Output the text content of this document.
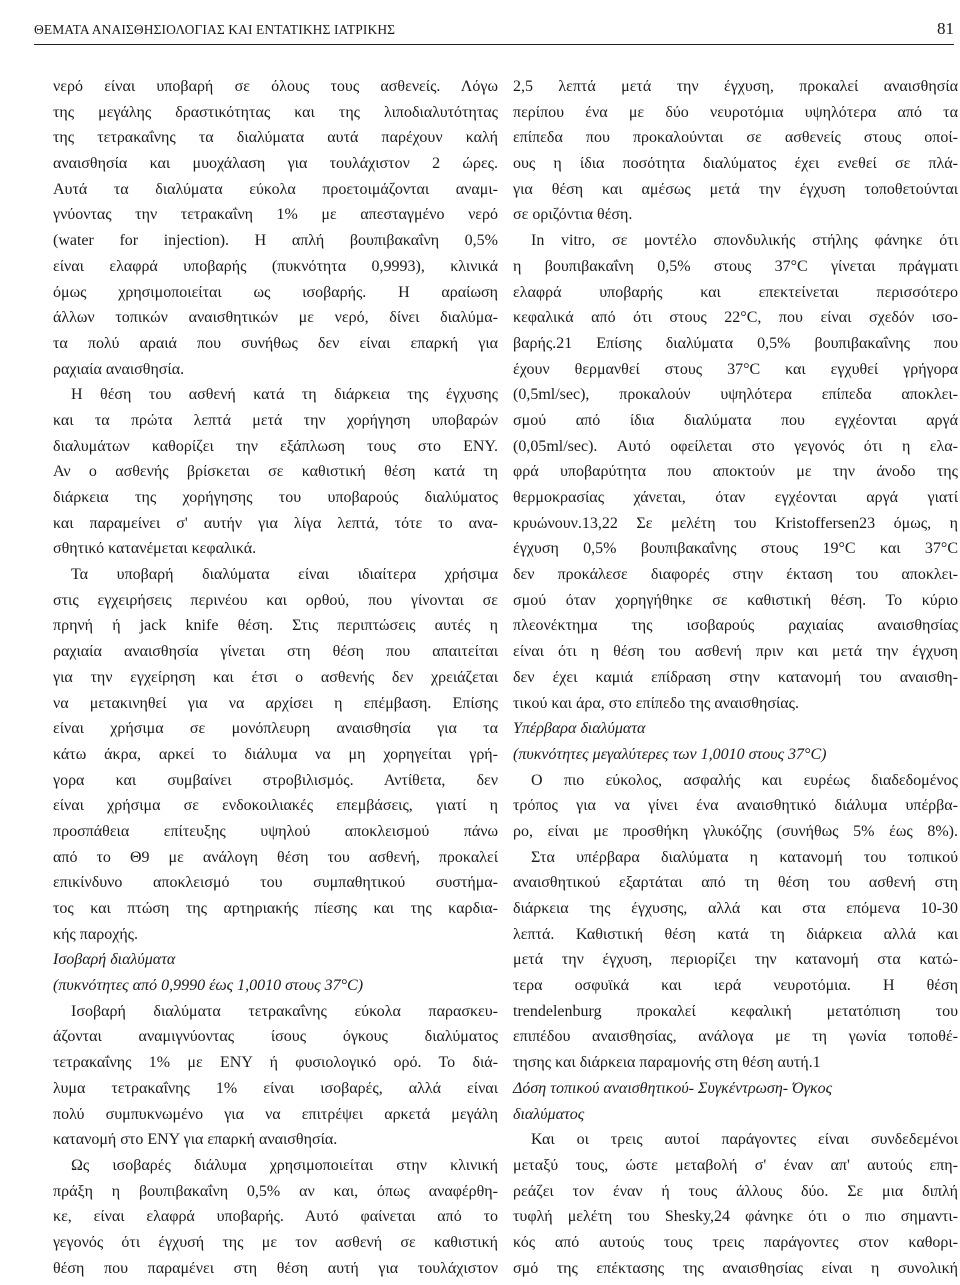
ΘΕΜΑΤΑ ΑΝΑΙΣΘΗΣΙΟΛΟΓΙΑΣ ΚΑΙ ΕΝΤΑΤΙΚΗΣ ΙΑΤΡΙΚΗΣ	81
νερό είναι υποβαρή σε όλους τους ασθενείς. Λόγω
της μεγάλης δραστικότητας και της λιποδιαλυτότητας
της τετρακαΐνης τα διαλύματα αυτά παρέχουν καλή
αναισθησία και μυοχάλαση για τουλάχιστον 2 ώρες.
Αυτά τα διαλύματα εύκολα προετοιμάζονται αναμι-
γνύοντας την τετρακαΐνη 1% με απεσταγμένο νερό
(water for injection). Η απλή βουπιβακαΐνη 0,5%
είναι ελαφρά υποβαρής (πυκνότητα 0,9993), κλινικά
όμως χρησιμοποιείται ως ισοβαρής. Η αραίωση
άλλων τοπικών αναισθητικών με νερό, δίνει διαλύμα-
τα πολύ αραιά που συνήθως δεν είναι επαρκή για
ραχιαία αναισθησία.
Η θέση του ασθενή κατά τη διάρκεια της έγχυσης
και τα πρώτα λεπτά μετά την χορήγηση υποβαρών
διαλυμάτων καθορίζει την εξάπλωση τους στο ΕΝΥ.
Αν ο ασθενής βρίσκεται σε καθιστική θέση κατά τη
διάρκεια της χορήγησης του υποβαρούς διαλύματος
και παραμείνει σ' αυτήν για λίγα λεπτά, τότε το ανα-
σθητικό κατανέμεται κεφαλικά.
Τα υποβαρή διαλύματα είναι ιδιαίτερα χρήσιμα
στις εγχειρήσεις περινέου και ορθού, που γίνονται σε
πρηνή ή jack knife θέση. Στις περιπτώσεις αυτές η
ραχιαία αναισθησία γίνεται στη θέση που απαιτείται
για την εγχείρηση και έτσι ο ασθενής δεν χρειάζεται
να μετακινηθεί για να αρχίσει η επέμβαση. Επίσης
είναι χρήσιμα σε μονόπλευρη αναισθησία για τα
κάτω άκρα, αρκεί το διάλυμα να μη χορηγείται γρή-
γορα και συμβαίνει στροβιλισμός. Αντίθετα, δεν
είναι χρήσιμα σε ενδοκοιλιακές επεμβάσεις, γιατί η
προσπάθεια επίτευξης υψηλού αποκλεισμού πάνω
από το Θ9 με ανάλογη θέση του ασθενή, προκαλεί
επικίνδυνο αποκλεισμό του συμπαθητικού συστήμα-
τος και πτώση της αρτηριακής πίεσης και της καρδια-
κής παροχής.
Ισοβαρή διαλύματα
(πυκνότητες από 0,9990 έως 1,0010 στους 37°C)
Ισοβαρή διαλύματα τετρακαΐνης εύκολα παρασκευ-
άζονται αναμιγνύοντας ίσους όγκους διαλύματος
τετρακαΐνης 1% με ΕΝΥ ή φυσιολογικό ορό. Το διά-
λυμα τετρακαΐνης 1% είναι ισοβαρές, αλλά είναι
πολύ συμπυκνωμένο για να επιτρέψει αρκετά μεγάλη
κατανομή στο ΕΝΥ για επαρκή αναισθησία.
Ως ισοβαρές διάλυμα χρησιμοποιείται στην κλινική
πράξη η βουπιβακαΐνη 0,5% αν και, όπως αναφέρθη-
κε, είναι ελαφρά υποβαρής. Αυτό φαίνεται από το
γεγονός ότι έγχυσή της με τον ασθενή σε καθιστική
θέση που παραμένει στη θέση αυτή για τουλάχιστον
2,5 λεπτά μετά την έγχυση, προκαλεί αναισθησία
περίπου ένα με δύο νευροτόμια υψηλότερα από τα
επίπεδα που προκαλούνται σε ασθενείς στους οποί-
ους η ίδια ποσότητα διαλύματος έχει ενεθεί σε πλά-
για θέση και αμέσως μετά την έγχυση τοποθετούνται
σε οριζόντια θέση.
In vitro, σε μοντέλο σπονδυλικής στήλης φάνηκε ότι
η βουπιβακαΐνη 0,5% στους 37°C γίνεται πράγματι
ελαφρά υποβαρής και επεκτείνεται περισσότερο
κεφαλικά από ότι στους 22°C, που είναι σχεδόν ισο-
βαρής.21 Επίσης διαλύματα 0,5% βουπιβακαΐνης που
έχουν θερμανθεί στους 37°C και εγχυθεί γρήγορα
(0,5ml/sec), προκαλούν υψηλότερα επίπεδα αποκλει-
σμού από ίδια διαλύματα που εγχέονται αργά
(0,05ml/sec). Αυτό οφείλεται στο γεγονός ότι η ελα-
φρά υποβαρύτητα που αποκτούν με την άνοδο της
θερμοκρασίας χάνεται, όταν εγχέονται αργά γιατί
κρυώνουν.13,22 Σε μελέτη του Kristoffersen23 όμως, η
έγχυση 0,5% βουπιβακαΐνης στους 19°C και 37°C
δεν προκάλεσε διαφορές στην έκταση του αποκλει-
σμού όταν χορηγήθηκε σε καθιστική θέση. Το κύριο
πλεονέκτημα της ισοβαρούς ραχιαίας αναισθησίας
είναι ότι η θέση του ασθενή πριν και μετά την έγχυση
δεν έχει καμιά επίδραση στην κατανομή του αναισθη-
τικού και άρα, στο επίπεδο της αναισθησίας.
Υπέρβαρα διαλύματα
(πυκνότητες μεγαλύτερες των 1,0010 στους 37°C)
Ο πιο εύκολος, ασφαλής και ευρέως διαδεδομένος
τρόπος για να γίνει ένα αναισθητικό διάλυμα υπέρβα-
ρο, είναι με προσθήκη γλυκόζης (συνήθως 5% έως 8%).
Στα υπέρβαρα διαλύματα η κατανομή του τοπικού
αναισθητικού εξαρτάται από τη θέση του ασθενή στη
διάρκεια της έγχυσης, αλλά και στα επόμενα 10-30
λεπτά. Καθιστική θέση κατά τη διάρκεια αλλά και
μετά την έγχυση, περιορίζει την κατανομή στα κατώ-
τερα οσφυϊκά και ιερά νευροτόμια. Η θέση
trendelenburg προκαλεί κεφαλική μετατόπιση του
επιπέδου αναισθησίας, ανάλογα με τη γωνία τοποθέ-
τησης και διάρκεια παραμονής στη θέση αυτή.1
Δόση τοπικού αναισθητικού- Συγκέντρωση- Όγκος
διαλύματος
Και οι τρεις αυτοί παράγοντες είναι συνδεδεμένοι
μεταξύ τους, ώστε μεταβολή σ' έναν απ' αυτούς επη-
ρεάζει τον έναν ή τους άλλους δύο. Σε μια διπλή
τυφλή μελέτη του Shesky,24 φάνηκε ότι ο πιο σημαντι-
κός από αυτούς τους τρεις παράγοντες στον καθορι-
σμό της επέκτασης της αναισθησίας είναι η συνολική
